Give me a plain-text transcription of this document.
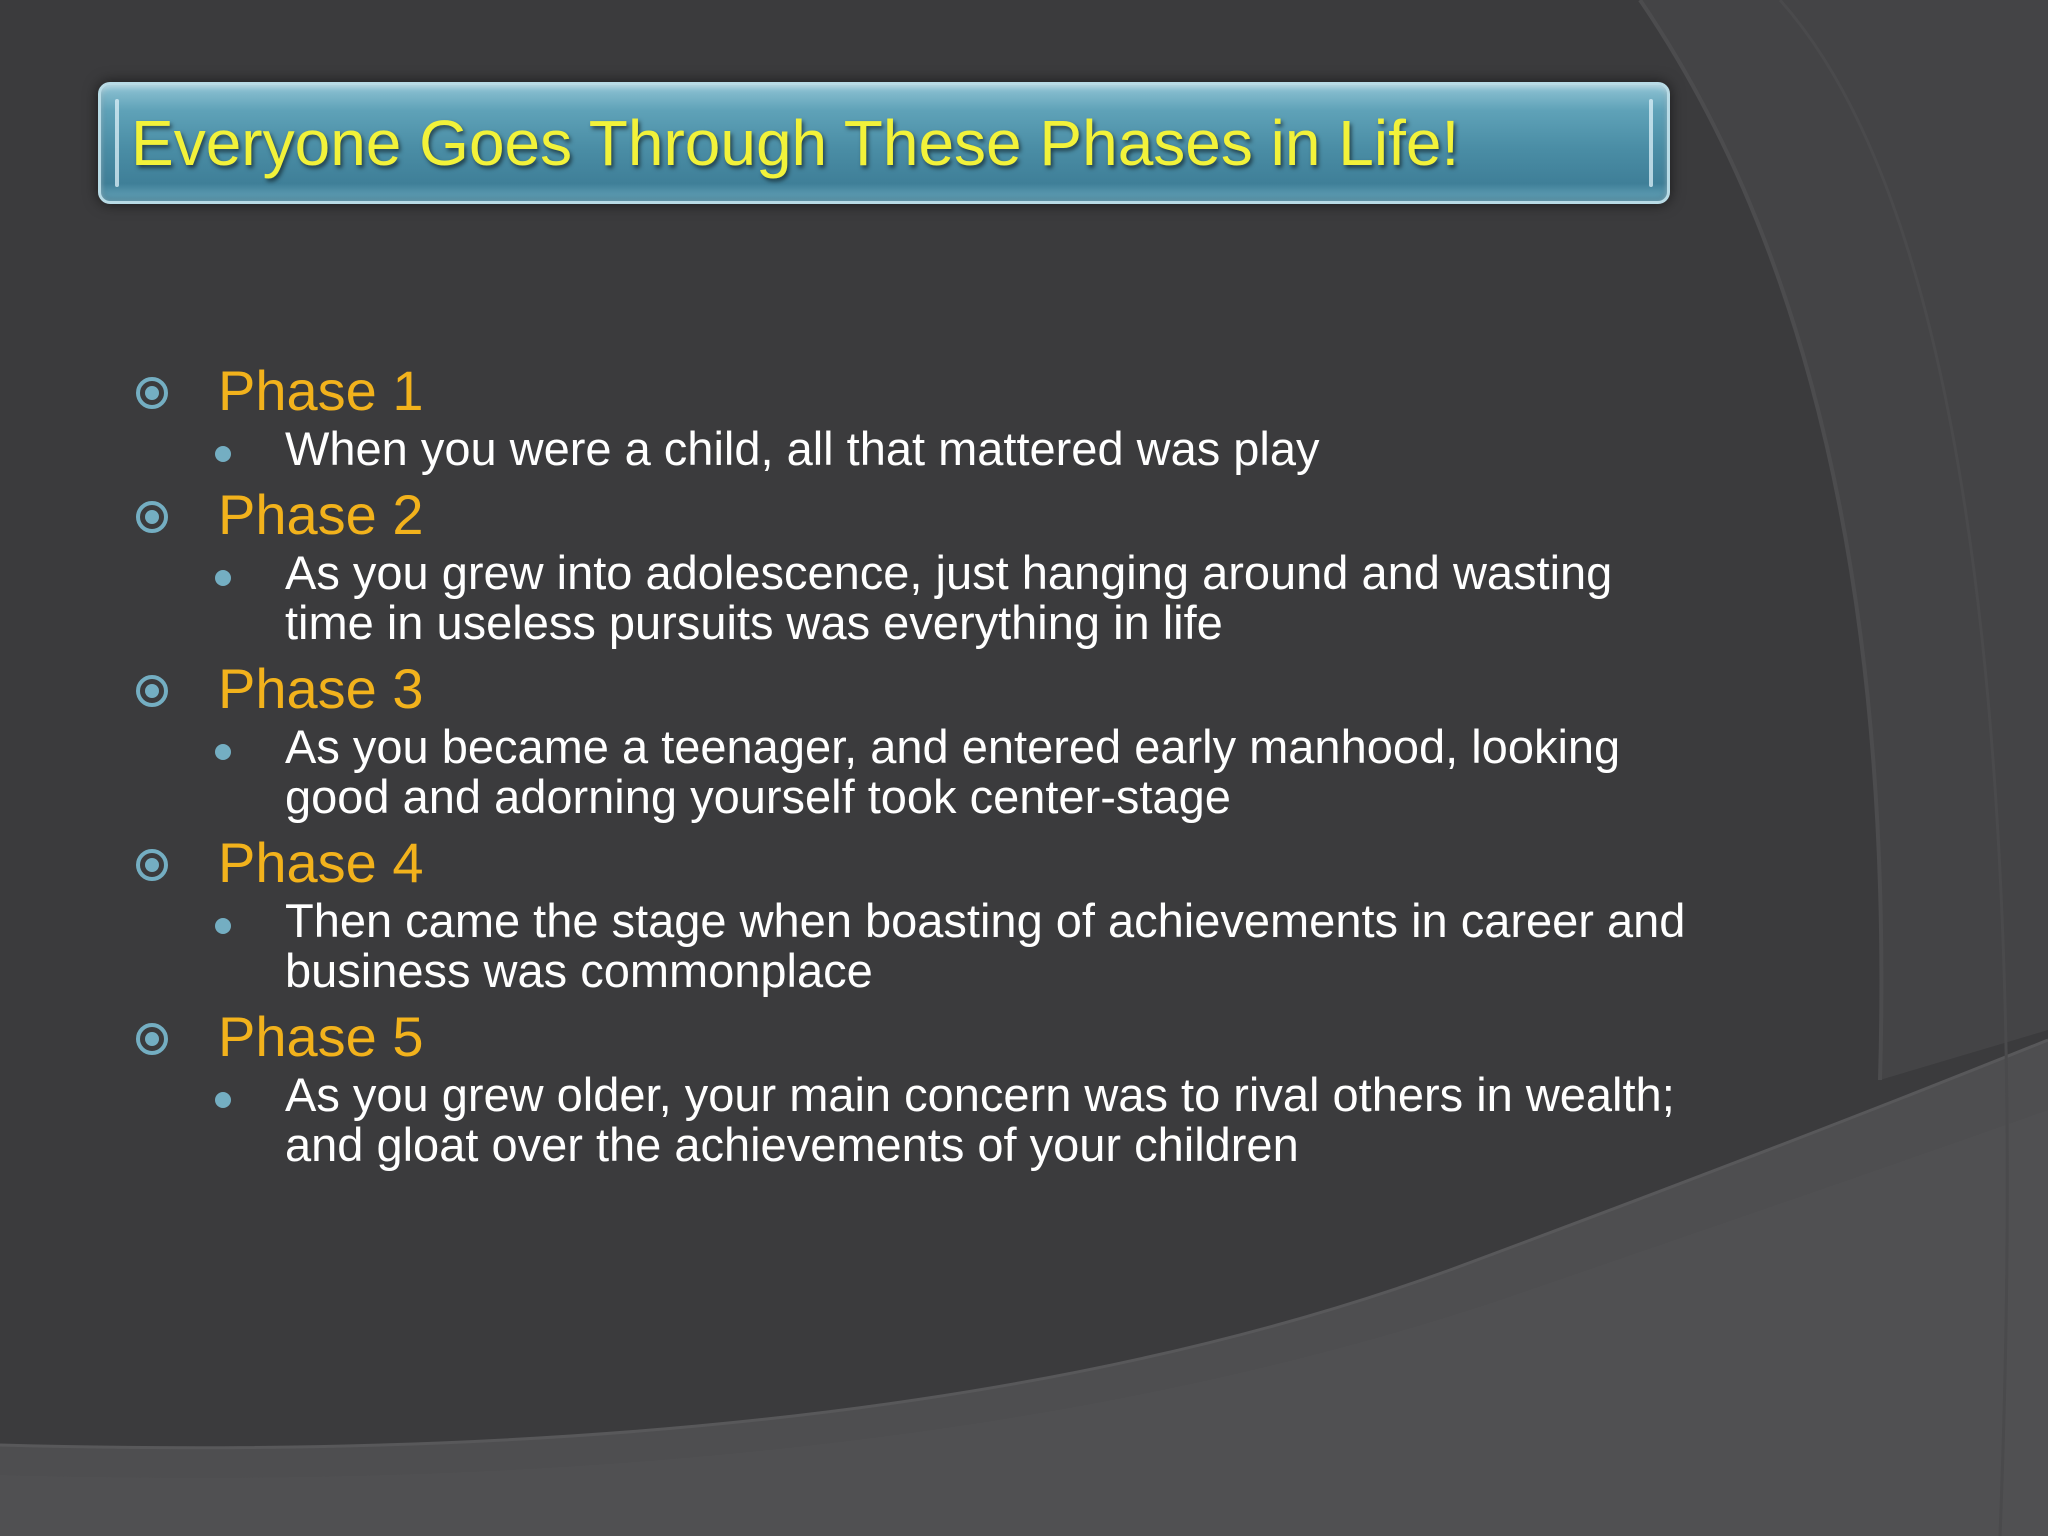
Everyone Goes Through These Phases in Life!
Phase 1
When you were a child, all that mattered was play
Phase 2
As you grew into adolescence, just hanging around and wasting time in useless pursuits was everything in life
Phase 3
As you became a teenager, and entered early manhood, looking good and adorning yourself took center-stage
Phase 4
Then came the stage when boasting of achievements in career and business was commonplace
Phase 5
As you grew older, your main concern was to rival others in wealth; and gloat over the achievements of your children
